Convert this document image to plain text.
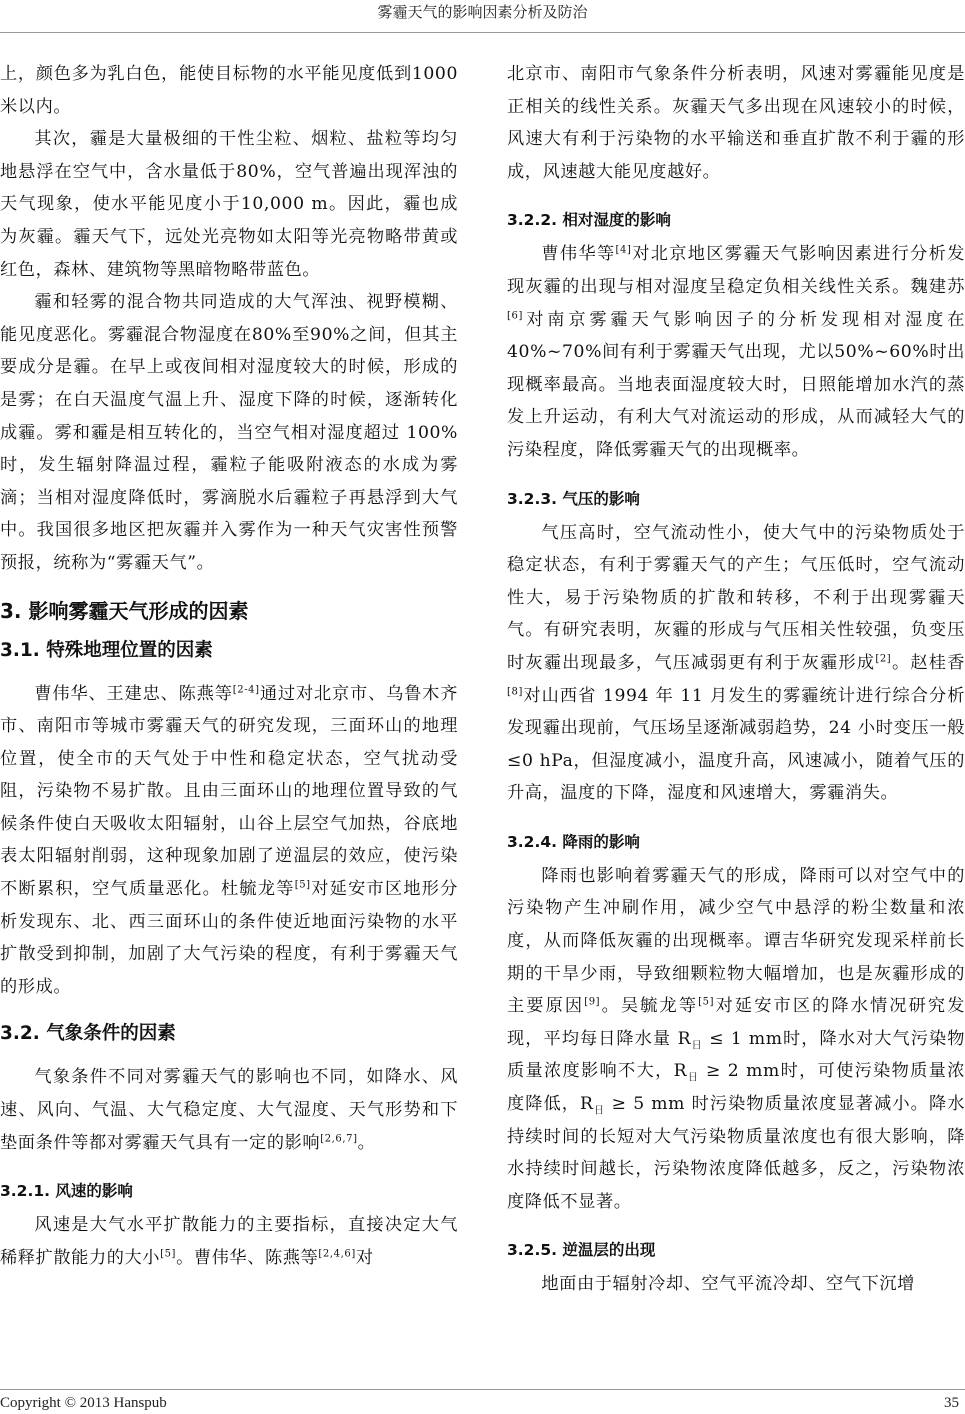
雾霾天气的影响因素分析及防治

上，颜色多为乳白色，能使目标物的水平能见度低到1000米以内。

其次，霾是大量极细的干性尘粒、烟粒、盐粒等均匀地悬浮在空气中，含水量低于80%，空气普遍出现浑浊的天气现象，使水平能见度小于10,000 m。因此，霾也成为灰霾。霾天气下，远处光亮物如太阳等光亮物略带黄或红色，森林、建筑物等黑暗物略带蓝色。

霾和轻雾的混合物共同造成的大气浑浊、视野模糊、能见度恶化。雾霾混合物湿度在80%至90%之间，但其主要成分是霾。在早上或夜间相对湿度较大的时候，形成的是雾；在白天温度气温上升、湿度下降的时候，逐渐转化成霾。雾和霾是相互转化的，当空气相对湿度超过 100%时，发生辐射降温过程，霾粒子能吸附液态的水成为雾滴；当相对湿度降低时，雾滴脱水后霾粒子再悬浮到大气中。我国很多地区把灰霾并入雾作为一种天气灾害性预警预报，统称为“雾霾天气”。

3. 影响雾霾天气形成的因素
3.1. 特殊地理位置的因素

曹伟华、王建忠、陈燕等[2-4]通过对北京市、乌鲁木齐市、南阳市等城市雾霾天气的研究发现，三面环山的地理位置，使全市的天气处于中性和稳定状态，空气扰动受阻，污染物不易扩散。且由三面环山的地理位置导致的气候条件使白天吸收太阳辐射，山谷上层空气加热，谷底地表太阳辐射削弱，这种现象加剧了逆温层的效应，使污染不断累积，空气质量恶化。杜毓龙等[5]对延安市区地形分析发现东、北、西三面环山的条件使近地面污染物的水平扩散受到抑制，加剧了大气污染的程度，有利于雾霾天气的形成。

3.2. 气象条件的因素

气象条件不同对雾霾天气的影响也不同，如降水、风速、风向、气温、大气稳定度、大气湿度、天气形势和下垫面条件等都对雾霾天气具有一定的影响[2,6,7]。

3.2.1. 风速的影响

风速是大气水平扩散能力的主要指标，直接决定大气稀释扩散能力的大小[5]。曹伟华、陈燕等[2,4,6]对

北京市、南阳市气象条件分析表明，风速对雾霾能见度是正相关的线性关系。灰霾天气多出现在风速较小的时候，风速大有利于污染物的水平输送和垂直扩散不利于霾的形成，风速越大能见度越好。

3.2.2. 相对湿度的影响

曹伟华等[4]对北京地区雾霾天气影响因素进行分析发现灰霾的出现与相对湿度呈稳定负相关线性关系。魏建苏[6]对南京雾霾天气影响因子的分析发现相对湿度在 40%~70%间有利于雾霾天气出现，尤以50%~60%时出现概率最高。当地表面湿度较大时，日照能增加水汽的蒸发上升运动，有利大气对流运动的形成，从而减轻大气的污染程度，降低雾霾天气的出现概率。

3.2.3. 气压的影响

气压高时，空气流动性小，使大气中的污染物质处于稳定状态，有利于雾霾天气的产生；气压低时，空气流动性大，易于污染物质的扩散和转移，不利于出现雾霾天气。有研究表明，灰霾的形成与气压相关性较强，负变压时灰霾出现最多，气压减弱更有利于灰霾形成[2]。赵桂香[8]对山西省 1994 年 11 月发生的雾霾统计进行综合分析发现霾出现前，气压场呈逐渐减弱趋势，24 小时变压一般≤0 hPa，但湿度减小，温度升高，风速减小，随着气压的升高，温度的下降，湿度和风速增大，雾霾消失。

3.2.4. 降雨的影响

降雨也影响着雾霾天气的形成，降雨可以对空气中的污染物产生冲刷作用，减少空气中悬浮的粉尘数量和浓度，从而降低灰霾的出现概率。谭吉华研究发现采样前长期的干旱少雨，导致细颗粒物大幅增加，也是灰霾形成的主要原因[9]。吴毓龙等[5]对延安市区的降水情况研究发现，平均每日降水量 $R_日 \le 1$ mm时，降水对大气污染物质量浓度影响不大，$R_日 \ge 2$ mm时，可使污染物质量浓度降低，$R_日 \ge 5$ mm 时污染物质量浓度显著减小。降水持续时间的长短对大气污染物质量浓度也有很大影响，降水持续时间越长，污染物浓度降低越多，反之，污染物浓度降低不显著。

3.2.5. 逆温层的出现

地面由于辐射冷却、空气平流冷却、空气下沉增

Copyright © 2013 Hanspub	35
